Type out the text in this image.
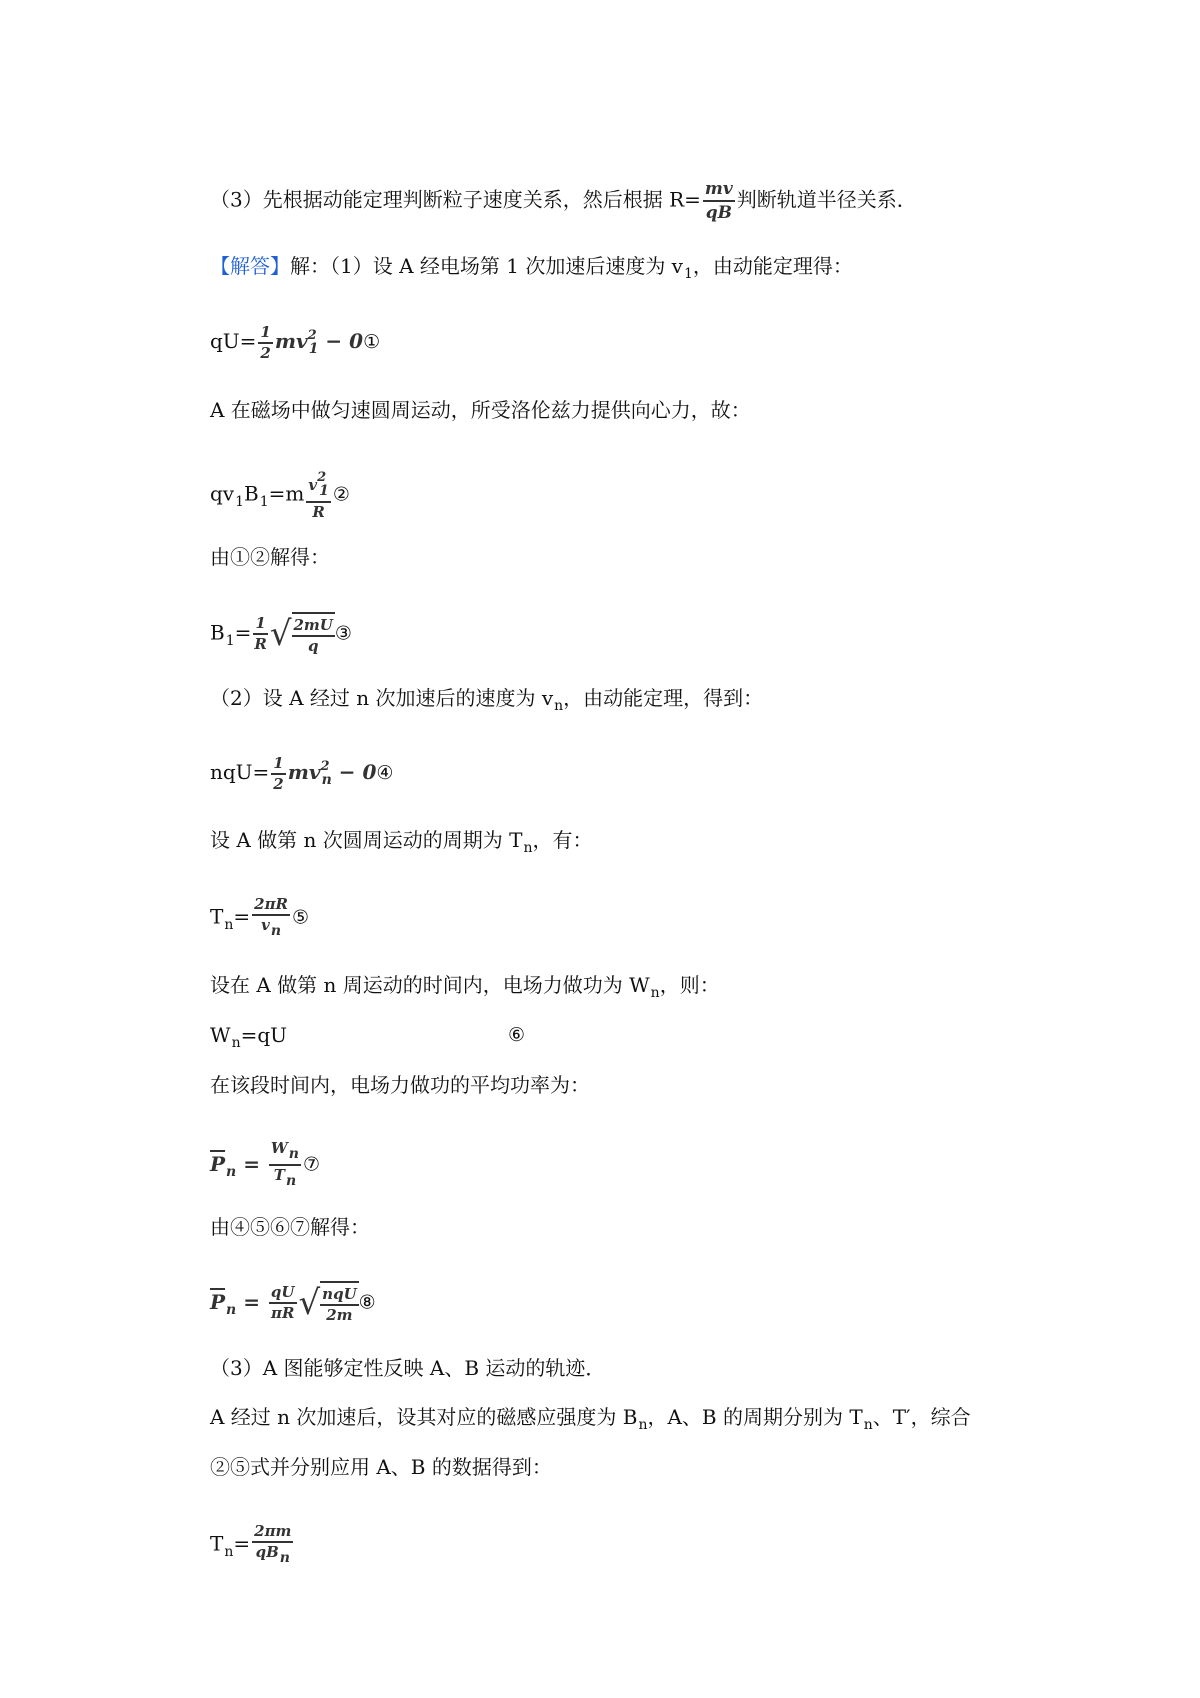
（3）先根据动能定理判断粒子速度关系，然后根据 $R= \frac{mv}{qB}$ 判断轨道半径关系．
【解答】解：（1）设 A 经电场第 1 次加速后速度为 $v_1$，由动能定理得：
$qU= \frac{1}{2} mv^2_1$ − 0①
A 在磁场中做匀速圆周运动，所受洛伦兹力提供向心力，故：
$qv_1B_1=m \frac{v21}{R}$ ②
由①②解得：
$B_1= \frac{1}{R}$ √ $\frac{2mU}{q}$ ③
（2）设 A 经过 n 次加速后的速度为 $v_n$，由动能定理，得到：
$nqU= \frac{1}{2} mv^2_n$ − 0④
设 A 做第 n 次圆周运动的周期为 $T_n$，有：
$T_n= \frac{2\pi R}{vn}$ ⑤
设在 A 做第 n 周运动的时间内，电场力做功为 $W_n$，则：
$W_n=qU$	⑥
在该段时间内，电场力做功的平均功率为：
$\overline{P}_n = \frac{Wn}{Tn}$ ⑦
由④⑤⑥⑦解得：
$\overline{P}_n = \frac{qU}{\pi R}$ √ $\frac{\text{nqU}}{2m}$ ⑧
（3）A 图能够定性反映 A、B 运动的轨迹．
A 经过 n 次加速后，设其对应的磁感应强度为 $B_n$，A、B 的周期分别为 $T_n$、T′，综合
②⑤式并分别应用 A、B 的数据得到：
$T_n= \frac{2\pi m}{\text{qBn}}$
